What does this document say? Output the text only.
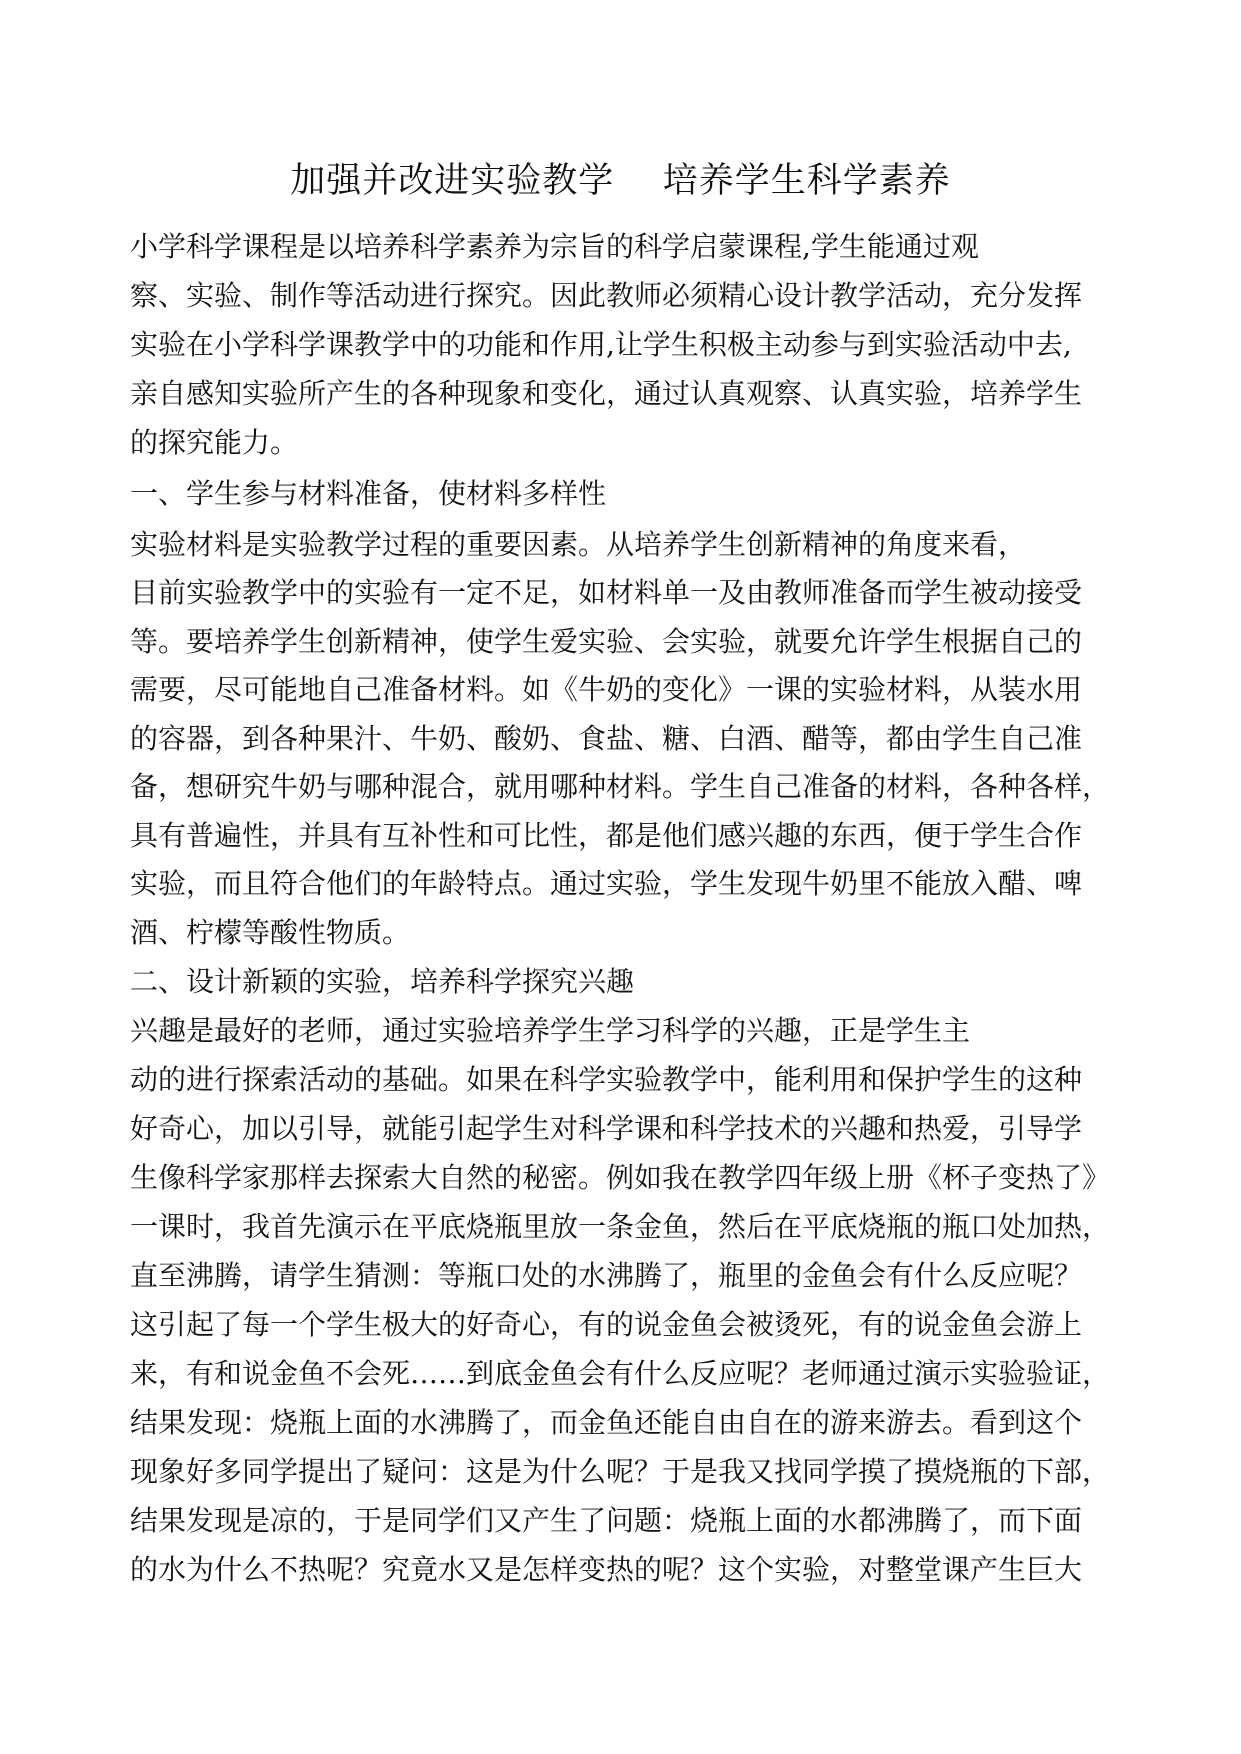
加强并改进实验教学    培养学生科学素养
小学科学课程是以培养科学素养为宗旨的科学启蒙课程,学生能通过观
察、实验、制作等活动进行探究。因此教师必须精心设计教学活动，充分发挥
实验在小学科学课教学中的功能和作用,让学生积极主动参与到实验活动中去,
亲自感知实验所产生的各种现象和变化，通过认真观察、认真实验，培养学生
的探究能力。
一、学生参与材料准备，使材料多样性
实验材料是实验教学过程的重要因素。从培养学生创新精神的角度来看，
目前实验教学中的实验有一定不足，如材料单一及由教师准备而学生被动接受
等。要培养学生创新精神，使学生爱实验、会实验，就要允许学生根据自己的
需要，尽可能地自己准备材料。如《牛奶的变化》一课的实验材料，从装水用
的容器，到各种果汁、牛奶、酸奶、食盐、糖、白酒、醋等，都由学生自己准
备，想研究牛奶与哪种混合，就用哪种材料。学生自己准备的材料，各种各样，
具有普遍性，并具有互补性和可比性，都是他们感兴趣的东西，便于学生合作
实验，而且符合他们的年龄特点。通过实验，学生发现牛奶里不能放入醋、啤
酒、柠檬等酸性物质。
二、设计新颖的实验，培养科学探究兴趣
兴趣是最好的老师，通过实验培养学生学习科学的兴趣，正是学生主
动的进行探索活动的基础。如果在科学实验教学中，能利用和保护学生的这种
好奇心，加以引导，就能引起学生对科学课和科学技术的兴趣和热爱，引导学
生像科学家那样去探索大自然的秘密。例如我在教学四年级上册《杯子变热了》
一课时，我首先演示在平底烧瓶里放一条金鱼，然后在平底烧瓶的瓶口处加热，
直至沸腾，请学生猜测：等瓶口处的水沸腾了，瓶里的金鱼会有什么反应呢？
这引起了每一个学生极大的好奇心，有的说金鱼会被烫死，有的说金鱼会游上
来，有和说金鱼不会死……到底金鱼会有什么反应呢？老师通过演示实验验证，
结果发现：烧瓶上面的水沸腾了，而金鱼还能自由自在的游来游去。看到这个
现象好多同学提出了疑问：这是为什么呢？于是我又找同学摸了摸烧瓶的下部，
结果发现是凉的，于是同学们又产生了问题：烧瓶上面的水都沸腾了，而下面
的水为什么不热呢？究竟水又是怎样变热的呢？这个实验，对整堂课产生巨大
